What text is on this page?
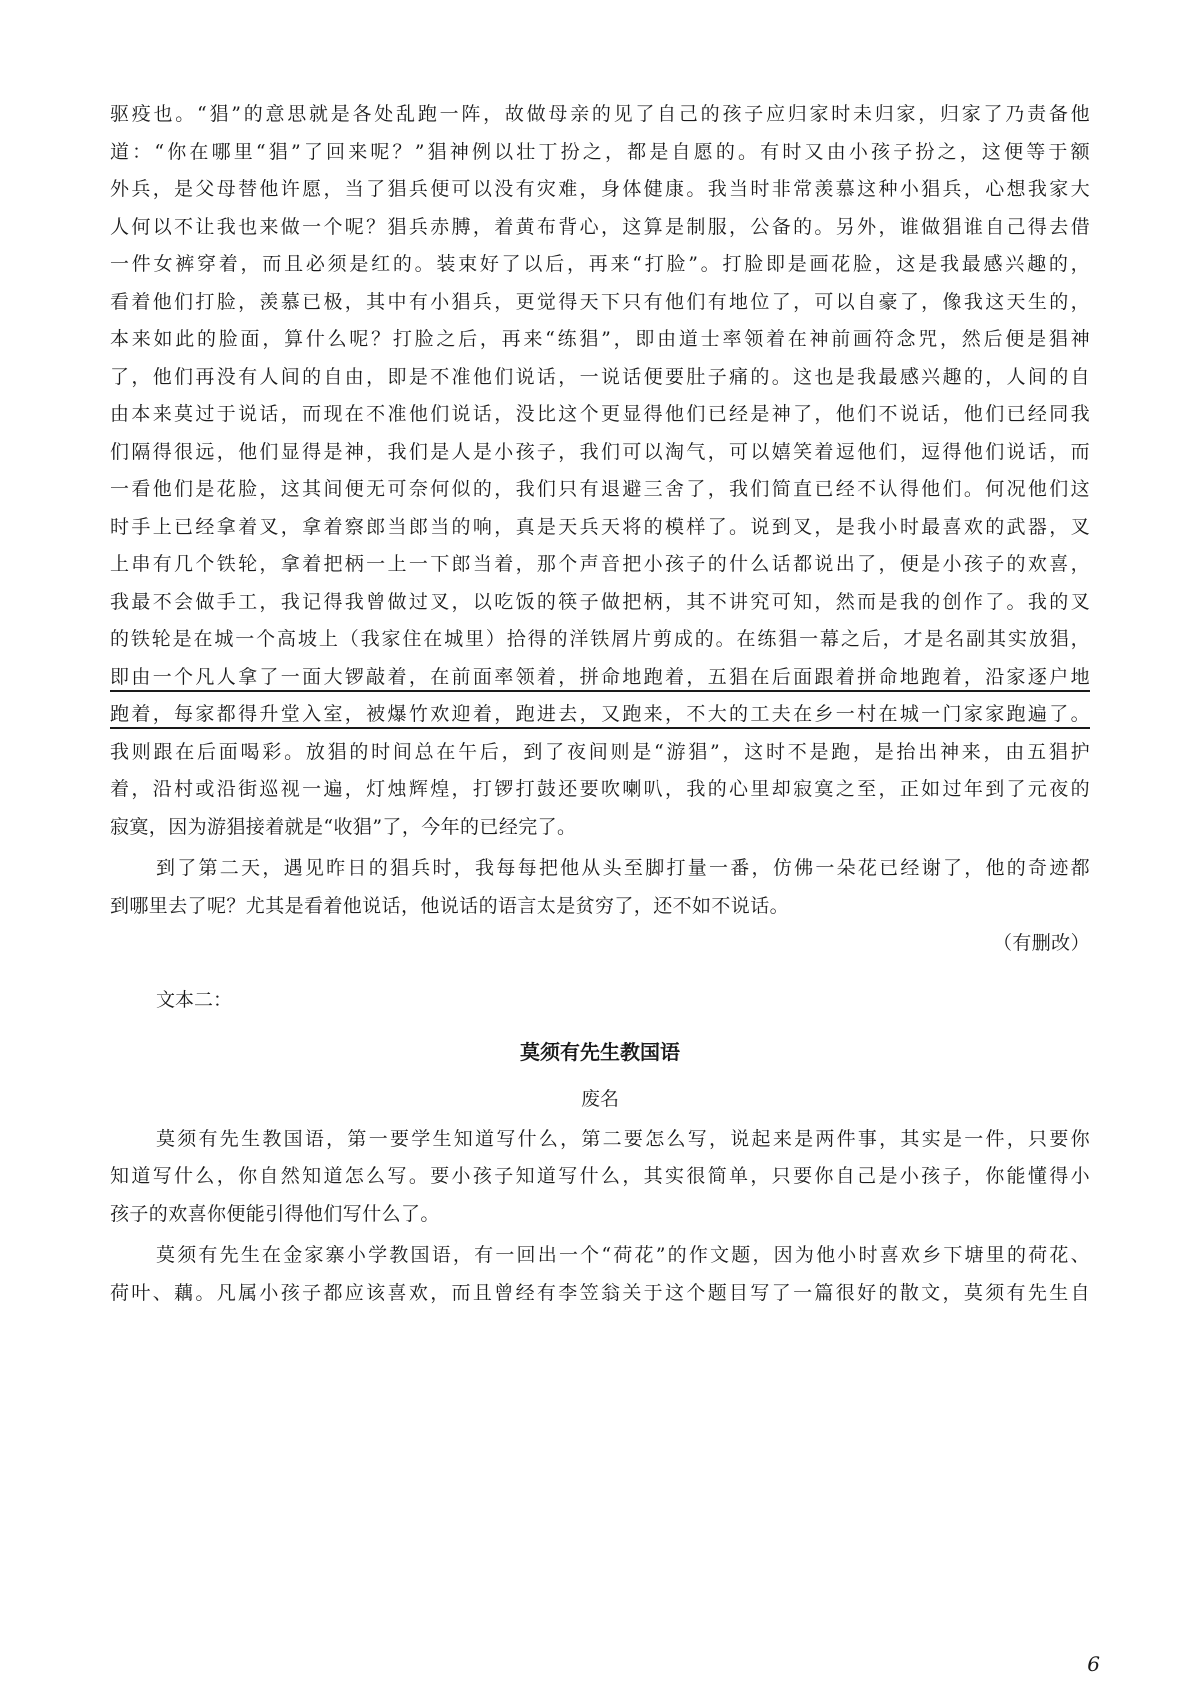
驱疫也。“猖”的意思就是各处乱跑一阵，故做母亲的见了自己的孩子应归家时未归家，归家了乃责备他
道：“你在哪里“猖”了回来呢？”猖神例以壮丁扮之，都是自愿的。有时又由小孩子扮之，这便等于额
外兵，是父母替他许愿，当了猖兵便可以没有灾难，身体健康。我当时非常羡慕这种小猖兵，心想我家大
人何以不让我也来做一个呢？猖兵赤膊，着黄布背心，这算是制服，公备的。另外，谁做猖谁自己得去借
一件女裤穿着，而且必须是红的。装束好了以后，再来“打脸”。打脸即是画花脸，这是我最感兴趣的，
看着他们打脸，羡慕已极，其中有小猖兵，更觉得天下只有他们有地位了，可以自豪了，像我这天生的，
本来如此的脸面，算什么呢？打脸之后，再来“练猖”，即由道士率领着在神前画符念咒，然后便是猖神
了，他们再没有人间的自由，即是不准他们说话，一说话便要肚子痛的。这也是我最感兴趣的，人间的自
由本来莫过于说话，而现在不准他们说话，没比这个更显得他们已经是神了，他们不说话，他们已经同我
们隔得很远，他们显得是神，我们是人是小孩子，我们可以淘气，可以嬉笑着逗他们，逗得他们说话，而
一看他们是花脸，这其间便无可奈何似的，我们只有退避三舍了，我们简直已经不认得他们。何况他们这
时手上已经拿着叉，拿着察郎当郎当的响，真是天兵天将的模样了。说到叉，是我小时最喜欢的武器，叉
上串有几个铁轮，拿着把柄一上一下郎当着，那个声音把小孩子的什么话都说出了，便是小孩子的欢喜，
我最不会做手工，我记得我曾做过叉，以吃饭的筷子做把柄，其不讲究可知，然而是我的创作了。我的叉
的铁轮是在城一个高坡上（我家住在城里）拾得的洋铁屑片剪成的。在练猖一幕之后，才是名副其实放猖，
即由一个凡人拿了一面大锣敲着，在前面率领着，拼命地跑着，五猖在后面跟着拼命地跑着，沿家逐户地
跑着，每家都得升堂入室，被爆竹欢迎着，跑进去，又跑来，不大的工夫在乡一村在城一门家家跑遍了。
我则跟在后面喝彩。放猖的时间总在午后，到了夜间则是“游猖”，这时不是跑，是抬出神来，由五猖护
着，沿村或沿街巡视一遍，灯烛辉煌，打锣打鼓还要吹喇叭，我的心里却寂寞之至，正如过年到了元夜的
寂寞，因为游猖接着就是“收猖”了，今年的已经完了。
到了第二天，遇见昨日的猖兵时，我每每把他从头至脚打量一番，仿佛一朵花已经谢了，他的奇迹都
到哪里去了呢？尤其是看着他说话，他说话的语言太是贫穷了，还不如不说话。
（有删改）
文本二：
莫须有先生教国语
废名
莫须有先生教国语，第一要学生知道写什么，第二要怎么写，说起来是两件事，其实是一件，只要你
知道写什么，你自然知道怎么写。要小孩子知道写什么，其实很简单，只要你自己是小孩子，你能懂得小
孩子的欢喜你便能引得他们写什么了。
莫须有先生在金家寨小学教国语，有一回出一个“荷花”的作文题，因为他小时喜欢乡下塘里的荷花、
荷叶、藕。凡属小孩子都应该喜欢，而且曾经有李笠翁关于这个题目写了一篇很好的散文，莫须有先生自
6
